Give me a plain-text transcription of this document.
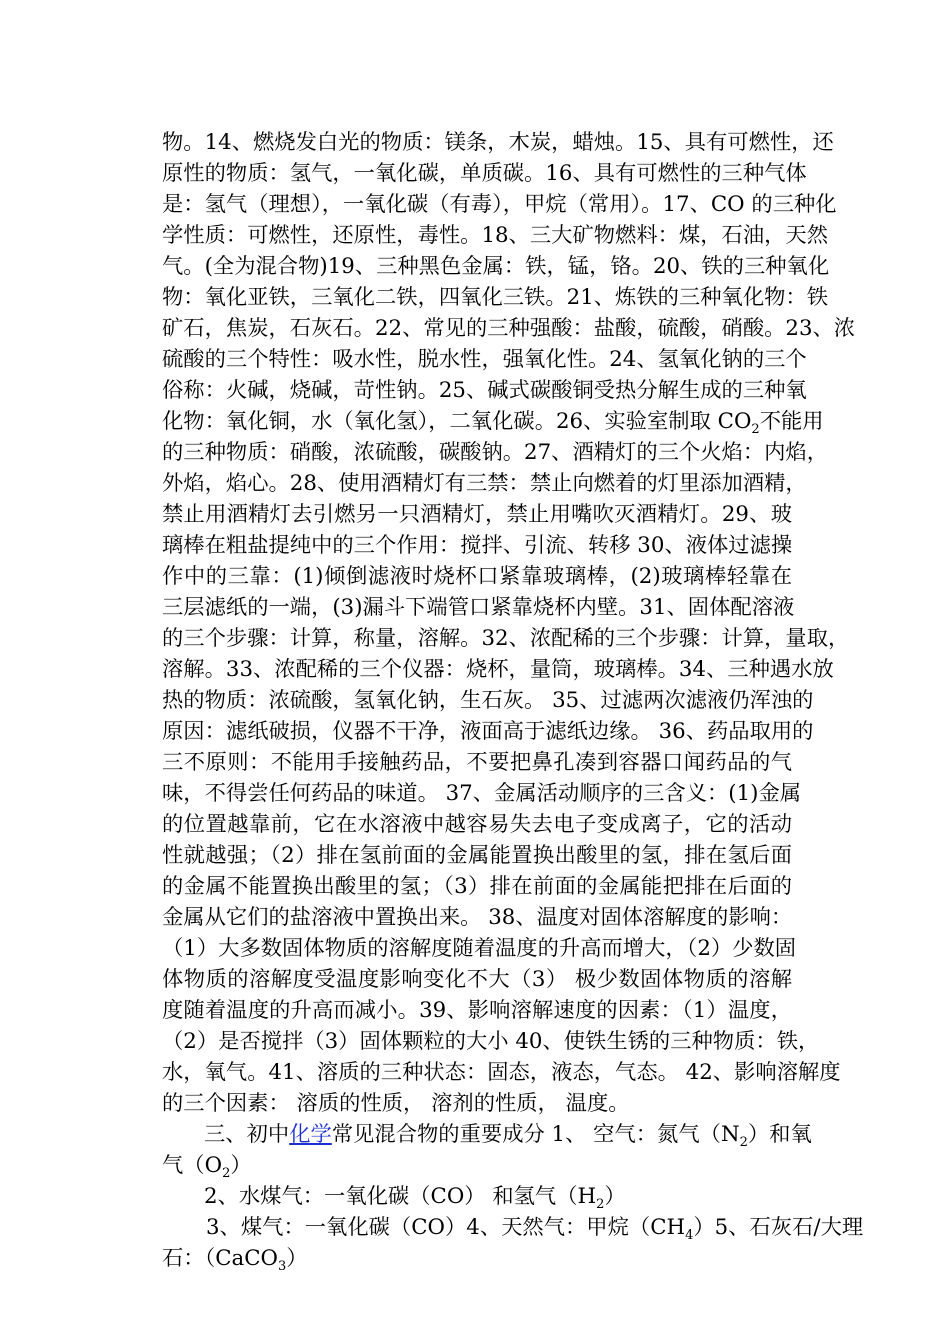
物。14、燃烧发白光的物质：镁条，木炭，蜡烛。15、具有可燃性，还
原性的物质：氢气，一氧化碳，单质碳。16、具有可燃性的三种气体
是：氢气（理想），一氧化碳（有毒），甲烷（常用）。17、CO 的三种化
学性质：可燃性，还原性，毒性。18、三大矿物燃料：煤，石油，天然
气。(全为混合物)19、三种黑色金属：铁，锰，铬。20、铁的三种氧化
物：氧化亚铁，三氧化二铁，四氧化三铁。21、炼铁的三种氧化物：铁
矿石，焦炭，石灰石。22、常见的三种强酸：盐酸，硫酸，硝酸。23、浓
硫酸的三个特性：吸水性，脱水性，强氧化性。24、氢氧化钠的三个
俗称：火碱，烧碱，苛性钠。25、碱式碳酸铜受热分解生成的三种氧
化物：氧化铜，水（氧化氢），二氧化碳。26、实验室制取 $CO_2$不能用
的三种物质：硝酸，浓硫酸，碳酸钠。27、酒精灯的三个火焰：内焰，
外焰，焰心。28、使用酒精灯有三禁：禁止向燃着的灯里添加酒精，
禁止用酒精灯去引燃另一只酒精灯，禁止用嘴吹灭酒精灯。29、玻
璃棒在粗盐提纯中的三个作用：搅拌、引流、转移 30、液体过滤操
作中的三靠：(1)倾倒滤液时烧杯口紧靠玻璃棒，(2)玻璃棒轻靠在
三层滤纸的一端，(3)漏斗下端管口紧靠烧杯内壁。31、固体配溶液
的三个步骤：计算，称量，溶解。32、浓配稀的三个步骤：计算，量取，
溶解。33、浓配稀的三个仪器：烧杯，量筒，玻璃棒。34、三种遇水放
热的物质：浓硫酸，氢氧化钠，生石灰。 35、过滤两次滤液仍浑浊的
原因：滤纸破损，仪器不干净，液面高于滤纸边缘。 36、药品取用的
三不原则：不能用手接触药品，不要把鼻孔凑到容器口闻药品的气
味，不得尝任何药品的味道。 37、金属活动顺序的三含义：(1)金属
的位置越靠前，它在水溶液中越容易失去电子变成离子，它的活动
性就越强；（2）排在氢前面的金属能置换出酸里的氢，排在氢后面
的金属不能置换出酸里的氢；（3）排在前面的金属能把排在后面的
金属从它们的盐溶液中置换出来。 38、温度对固体溶解度的影响：
（1）大多数固体物质的溶解度随着温度的升高而增大，（2）少数固
体物质的溶解度受温度影响变化不大（3） 极少数固体物质的溶解
度随着温度的升高而减小。39、影响溶解速度的因素：（1）温度，
（2）是否搅拌（3）固体颗粒的大小 40、使铁生锈的三种物质：铁，
水，氧气。41、溶质的三种状态：固态，液态，气态。 42、影响溶解度
的三个因素： 溶质的性质， 溶剂的性质， 温度。
三、初中化学常见混合物的重要成分 1、 空气：氮气$(N_2)$和氧
气$(O_2)$
2、水煤气：一氧化碳（CO） 和氢气$(H_2)$
3、煤气：一氧化碳（CO）4、天然气：甲烷$(CH_4)5$、石灰石/大理
石：（CaCO$_3$）
